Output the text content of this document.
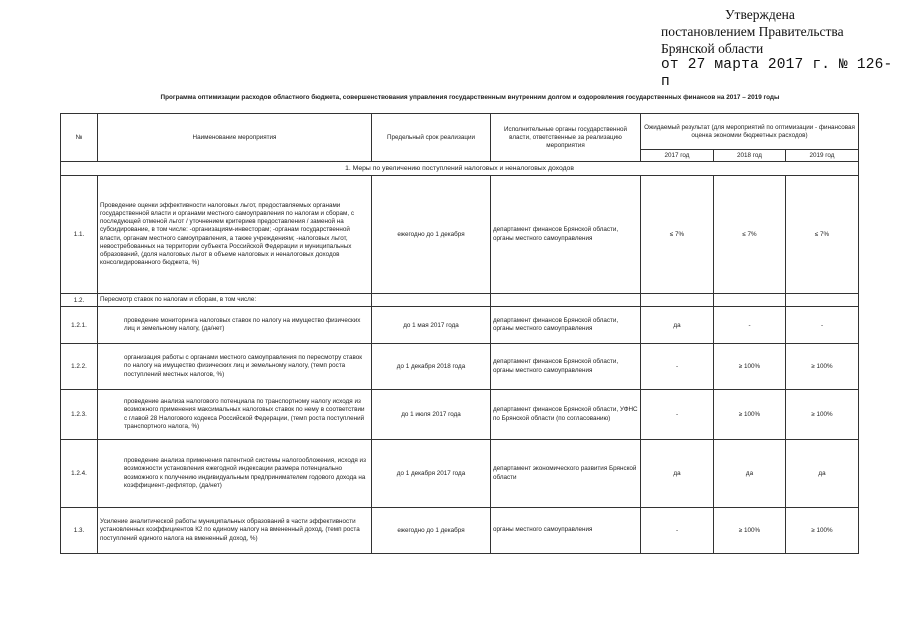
Утверждена
постановлением Правительства
Брянской области
от 27 марта 2017 г. № 126-п
Программа оптимизации расходов областного бюджета, совершенствования управления государственным внутренним долгом и оздоровления государственных финансов на 2017 – 2019 годы
№	Наименование мероприятия	Предельный срок реализации	Исполнительные органы государственной власти, ответственные за реализацию мероприятия	Ожидаемый результат (для мероприятий по оптимизации - финансовая оценка экономии бюджетных расходов)		
				2017 год	2018 год	2019 год
1. Меры по увеличению поступлений налоговых и неналоговых доходов						
1.1.	Проведение оценки эффективности налоговых льгот, предоставляемых органами государственной власти и органами местного самоуправления по налогам и сборам, с последующей отменой льгот / уточнением критериев предоставления / заменой на субсидирование, в том числе: -организациям-инвесторам; -органам государственной власти, органам местного самоуправления, а также учреждениям; -налоговых льгот, невостребованных на территории субъекта Российской Федерации и муниципальных образований, (доля налоговых льгот в объеме налоговых и неналоговых доходов консолидированного бюджета, %)	ежегодно до 1 декабря	департамент финансов Брянской области, органы местного самоуправления	≤ 7%	≤ 7%	≤ 7%
1.2.	Пересмотр ставок по налогам и сборам, в том числе:					
1.2.1.	проведение мониторинга налоговых ставок по налогу на имущество физических лиц и земельному налогу, (да/нет)	до 1 мая 2017 года	департамент финансов Брянской области, органы местного самоуправления	да	-	-
1.2.2.	организация работы с органами местного самоуправления по пересмотру ставок по налогу на имущество физических лиц и земельному налогу, (темп роста поступлений местных налогов, %)	до 1 декабря 2018 года	департамент финансов Брянской области, органы местного самоуправления	-	≥ 100%	≥ 100%
1.2.3.	проведение анализа налогового потенциала по транспортному налогу исходя из возможного применения максимальных налоговых ставок по нему в соответствии с главой 28 Налогового кодекса Российской Федерации, (темп роста поступлений транспортного налога, %)	до 1 июля 2017 года	департамент финансов Брянской области, УФНС по Брянской области (по согласованию)	-	≥ 100%	≥ 100%
1.2.4.	проведение анализа применения патентной системы налогообложения, исходя из возможности установления ежегодной индексации размера потенциально возможного к получению индивидуальным предпринимателем годового дохода на коэффициент-дефлятор, (да/нет)	до 1 декабря 2017 года	департамент экономического развития Брянской области	да	да	да
1.3.	Усиление аналитической работы муниципальных образований в части эффективности установленных коэффициентов К2 по единому налогу на вмененный доход, (темп роста поступлений единого налога на вмененный доход, %)	ежегодно до 1 декабря	органы местного самоуправления	-	≥ 100%	≥ 100%
